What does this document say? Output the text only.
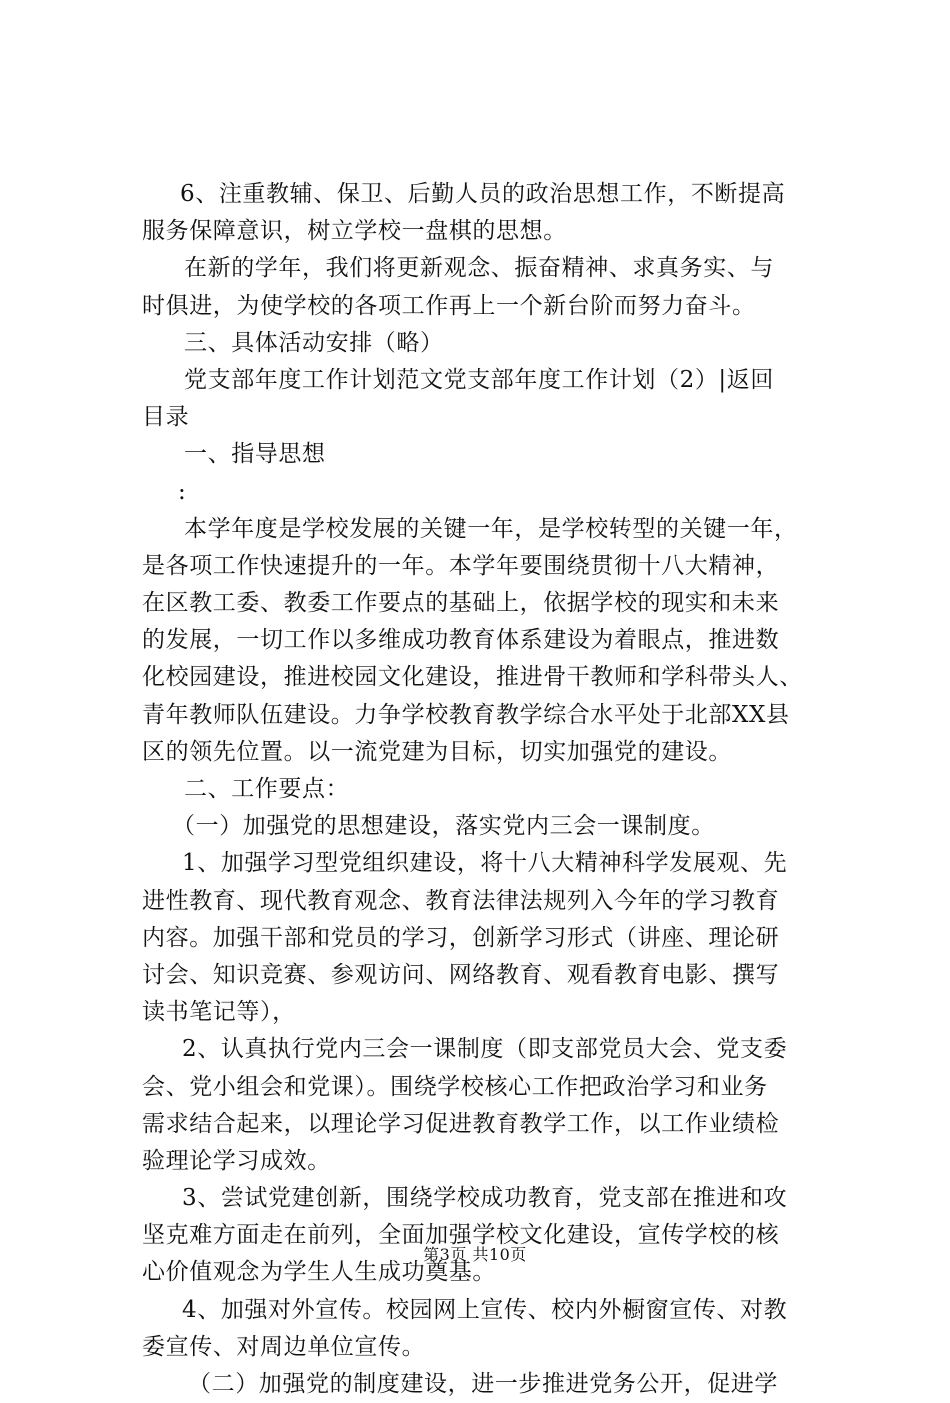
6、注重教辅、保卫、后勤人员的政治思想工作，不断提高
服务保障意识，树立学校一盘棋的思想。
在新的学年，我们将更新观念、振奋精神、求真务实、与
时俱进，为使学校的各项工作再上一个新台阶而努力奋斗。
三、具体活动安排（略）
党支部年度工作计划范文党支部年度工作计划（2）|返回
目录
一、指导思想
:
本学年度是学校发展的关键一年，是学校转型的关键一年，
是各项工作快速提升的一年。本学年要围绕贯彻十八大精神，
在区教工委、教委工作要点的基础上，依据学校的现实和未来
的发展，一切工作以多维成功教育体系建设为着眼点，推进数
化校园建设，推进校园文化建设，推进骨干教师和学科带头人、
青年教师队伍建设。力争学校教育教学综合水平处于北部XX县
区的领先位置。以一流党建为目标，切实加强党的建设。
二、工作要点：
（一）加强党的思想建设，落实党内三会一课制度。
1、加强学习型党组织建设，将十八大精神科学发展观、先
进性教育、现代教育观念、教育法律法规列入今年的学习教育
内容。加强干部和党员的学习，创新学习形式（讲座、理论研
讨会、知识竞赛、参观访问、网络教育、观看教育电影、撰写
读书笔记等），
2、认真执行党内三会一课制度（即支部党员大会、党支委
会、党小组会和党课）。围绕学校核心工作把政治学习和业务
需求结合起来，以理论学习促进教育教学工作，以工作业绩检
验理论学习成效。
3、尝试党建创新，围绕学校成功教育，党支部在推进和攻
坚克难方面走在前列，全面加强学校文化建设，宣传学校的核
心价值观念为学生人生成功奠基。
4、加强对外宣传。校园网上宣传、校内外橱窗宣传、对教
委宣传、对周边单位宣传。
（二）加强党的制度建设，进一步推进党务公开，促进学
第3页 共10页
